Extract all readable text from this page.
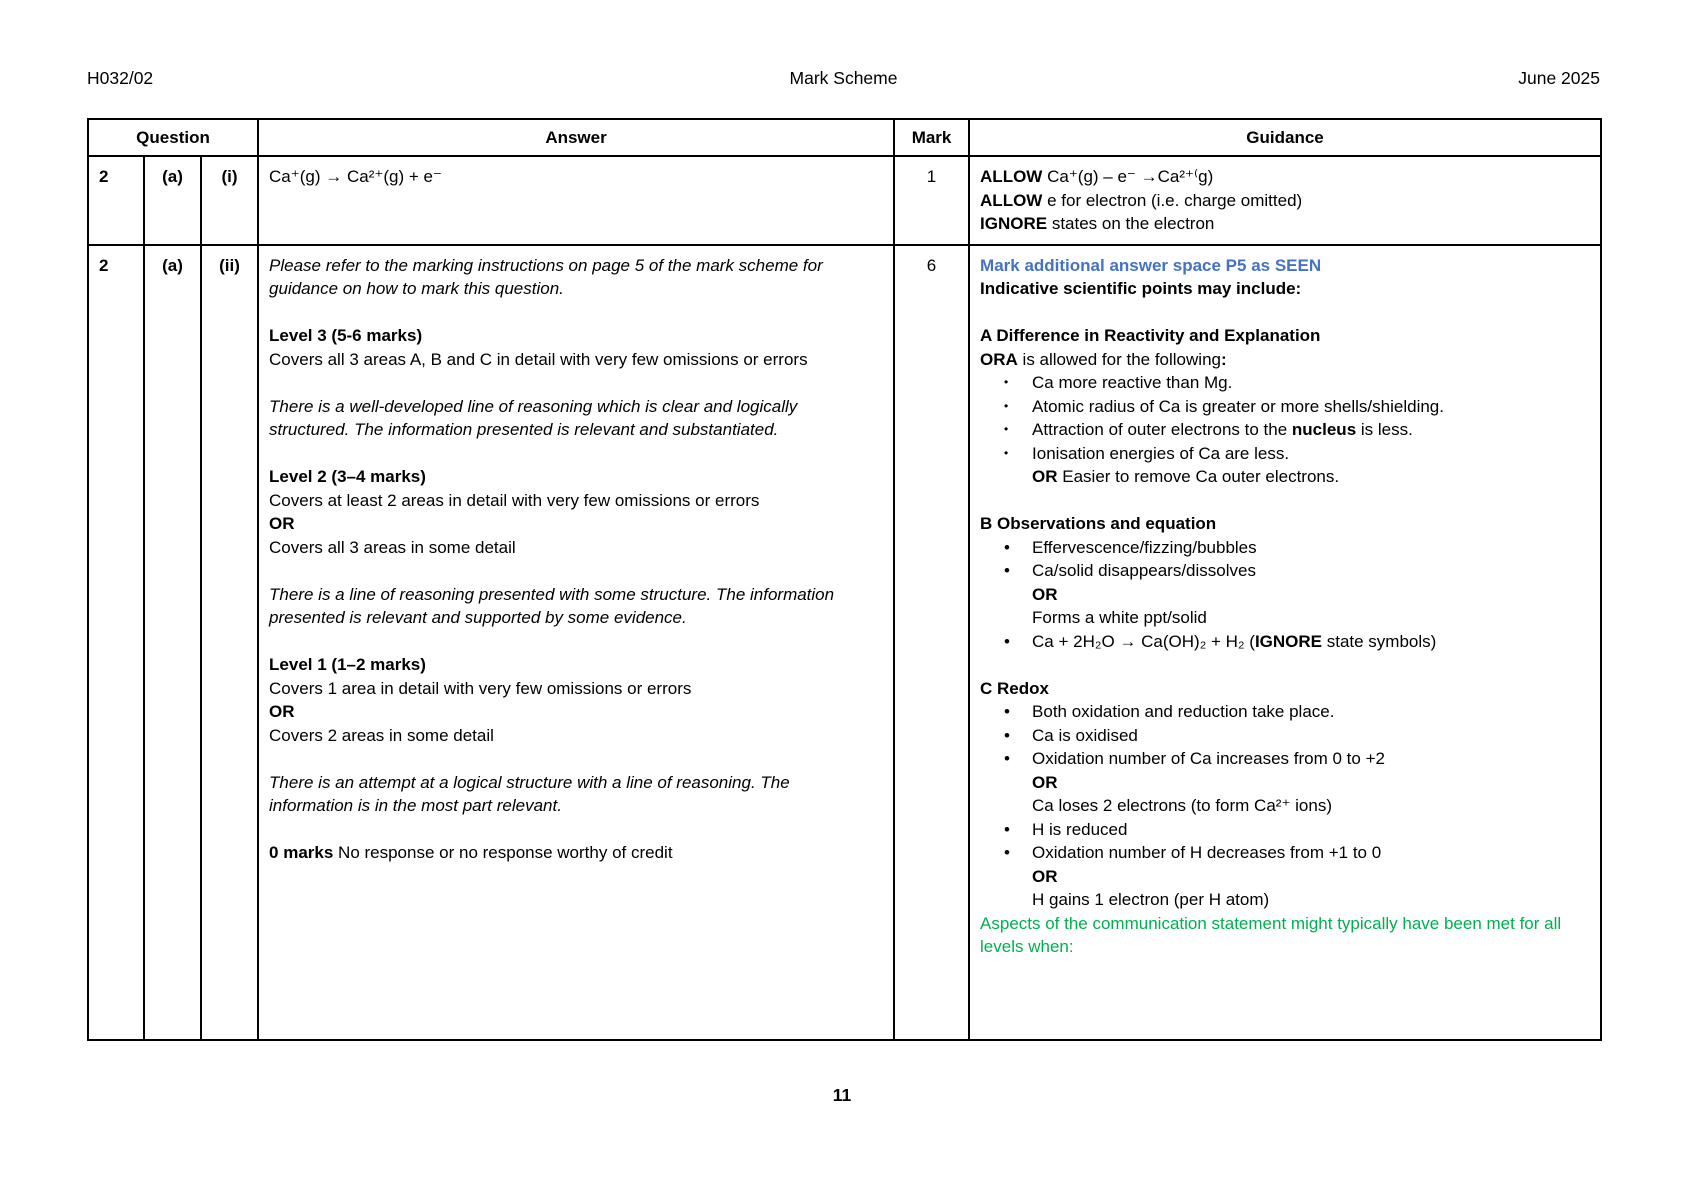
H032/02	Mark Scheme	June 2025
Question			Answer	Mark	Guidance
2	(a)	(i)	Ca⁺(g) → Ca²⁺(g) + e⁻	1	ALLOW Ca⁺(g) – e⁻ →Ca²⁺⁽g)
ALLOW e for electron (i.e. charge omitted)
IGNORE states on the electron

2	(a)	(ii)	Please refer to the marking instructions on page 5 of the mark scheme for guidance on how to mark this question.

Level 3 (5-6 marks)
Covers all 3 areas A, B and C in detail with very few omissions or errors

There is a well-developed line of reasoning which is clear and logically structured. The information presented is relevant and substantiated.

Level 2 (3–4 marks)
Covers at least 2 areas in detail with very few omissions or errors
OR
Covers all 3 areas in some detail

There is a line of reasoning presented with some structure. The information presented is relevant and supported by some evidence.

Level 1 (1–2 marks)
Covers 1 area in detail with very few omissions or errors
OR
Covers 2 areas in some detail

There is an attempt at a logical structure with a line of reasoning. The information is in the most part relevant.

0 marks No response or no response worthy of credit
	6	Mark additional answer space P5 as SEEN
Indicative scientific points may include:

A Difference in Reactivity and Explanation
ORA is allowed for the following:
• Ca more reactive than Mg.
• Atomic radius of Ca is greater or more shells/shielding.
• Attraction of outer electrons to the nucleus is less.
• Ionisation energies of Ca are less.
OR Easier to remove Ca outer electrons.

B Observations and equation
• Effervescence/fizzing/bubbles
• Ca/solid disappears/dissolves
OR
Forms a white ppt/solid
• Ca + 2H₂O → Ca(OH)₂ + H₂ (IGNORE state symbols)

C Redox
• Both oxidation and reduction take place.
• Ca is oxidised
• Oxidation number of Ca increases from 0 to +2
OR
Ca loses 2 electrons (to form Ca²⁺ ions)
• H is reduced
• Oxidation number of H decreases from +1 to 0
OR
H gains 1 electron (per H atom)
Aspects of the communication statement might typically have been met for all levels when:
11
